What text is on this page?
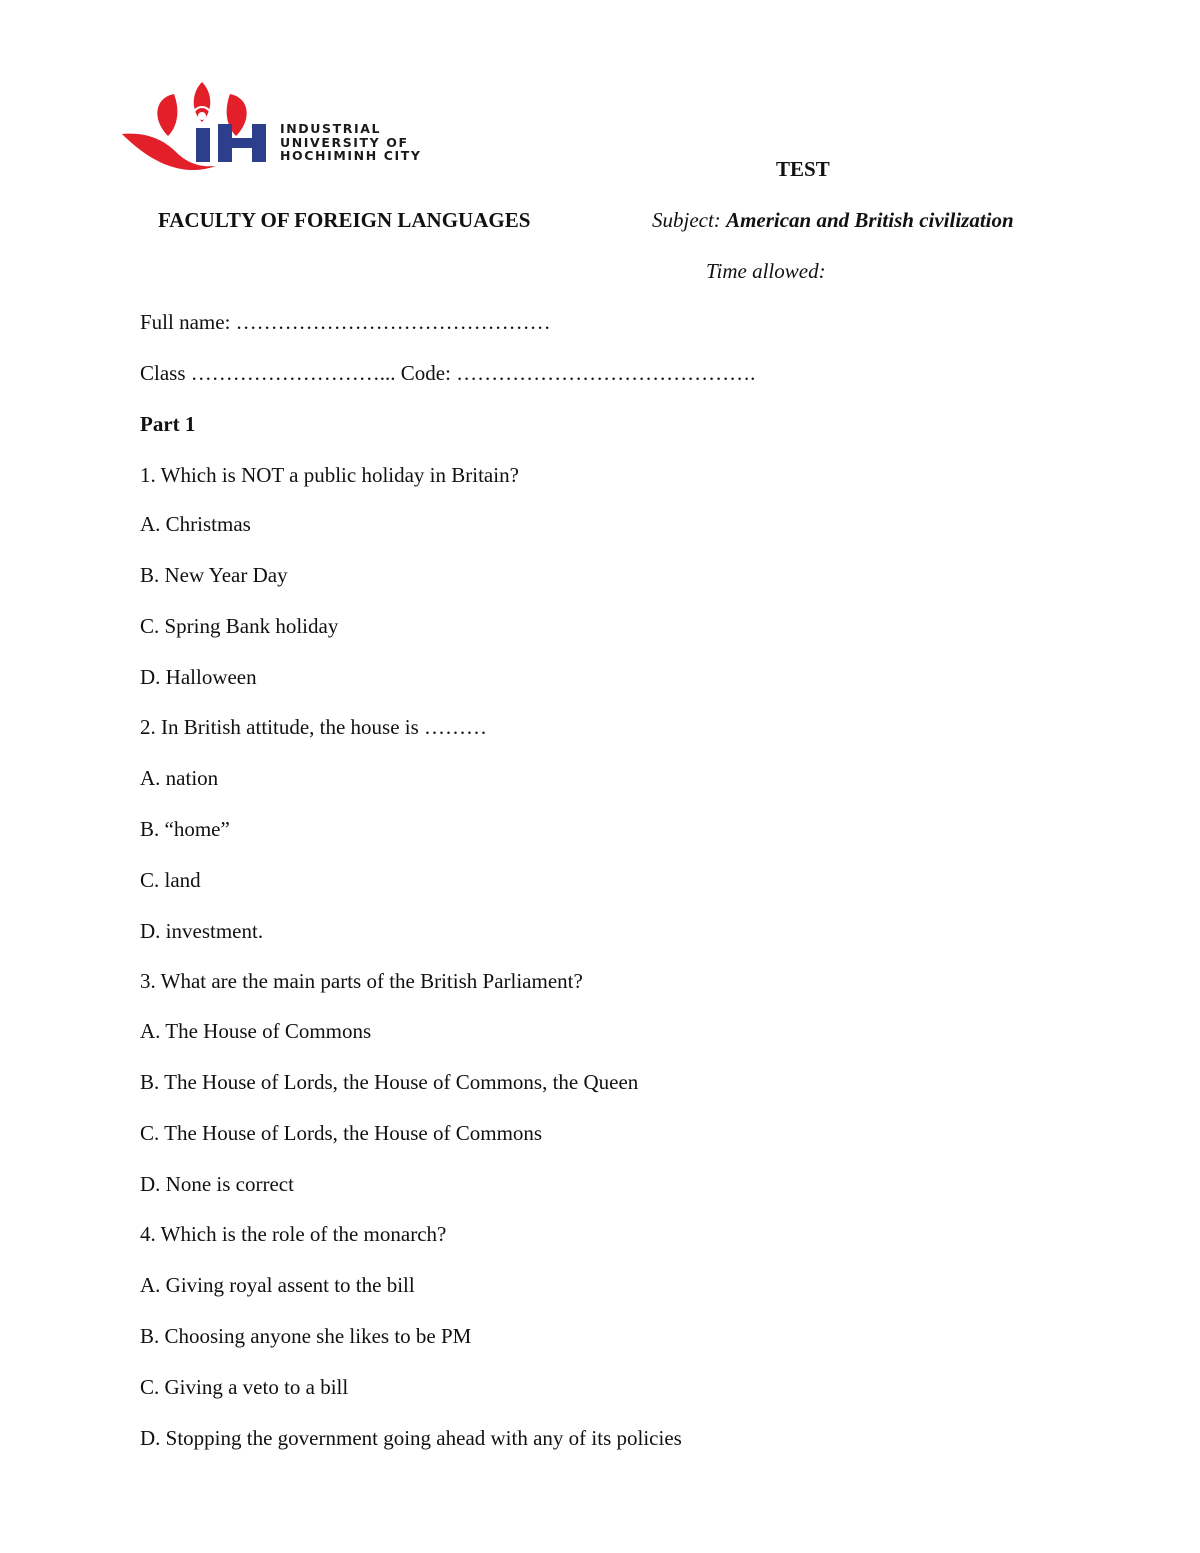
INDUSTRIAL
UNIVERSITY OF
HOCHIMINH CITY
TEST
FACULTY OF FOREIGN LANGUAGES	Subject: American and British civilization
Time allowed:
Full name: ………………………………………
Class ………………………... Code: …………………………………….
Part 1
1. Which is NOT a public holiday in Britain?
A. Christmas
B. New Year Day
C. Spring Bank holiday
D. Halloween
2. In British attitude, the house is ………
A. nation
B. “home”
C. land
D. investment.
3. What are the main parts of the British Parliament?
A. The House of Commons
B. The House of Lords, the House of Commons, the Queen
C. The House of Lords, the House of Commons
D. None is correct
4. Which is the role of the monarch?
A. Giving royal assent to the bill
B. Choosing anyone she likes to be PM
C. Giving a veto to a bill
D. Stopping the government going ahead with any of its policies
